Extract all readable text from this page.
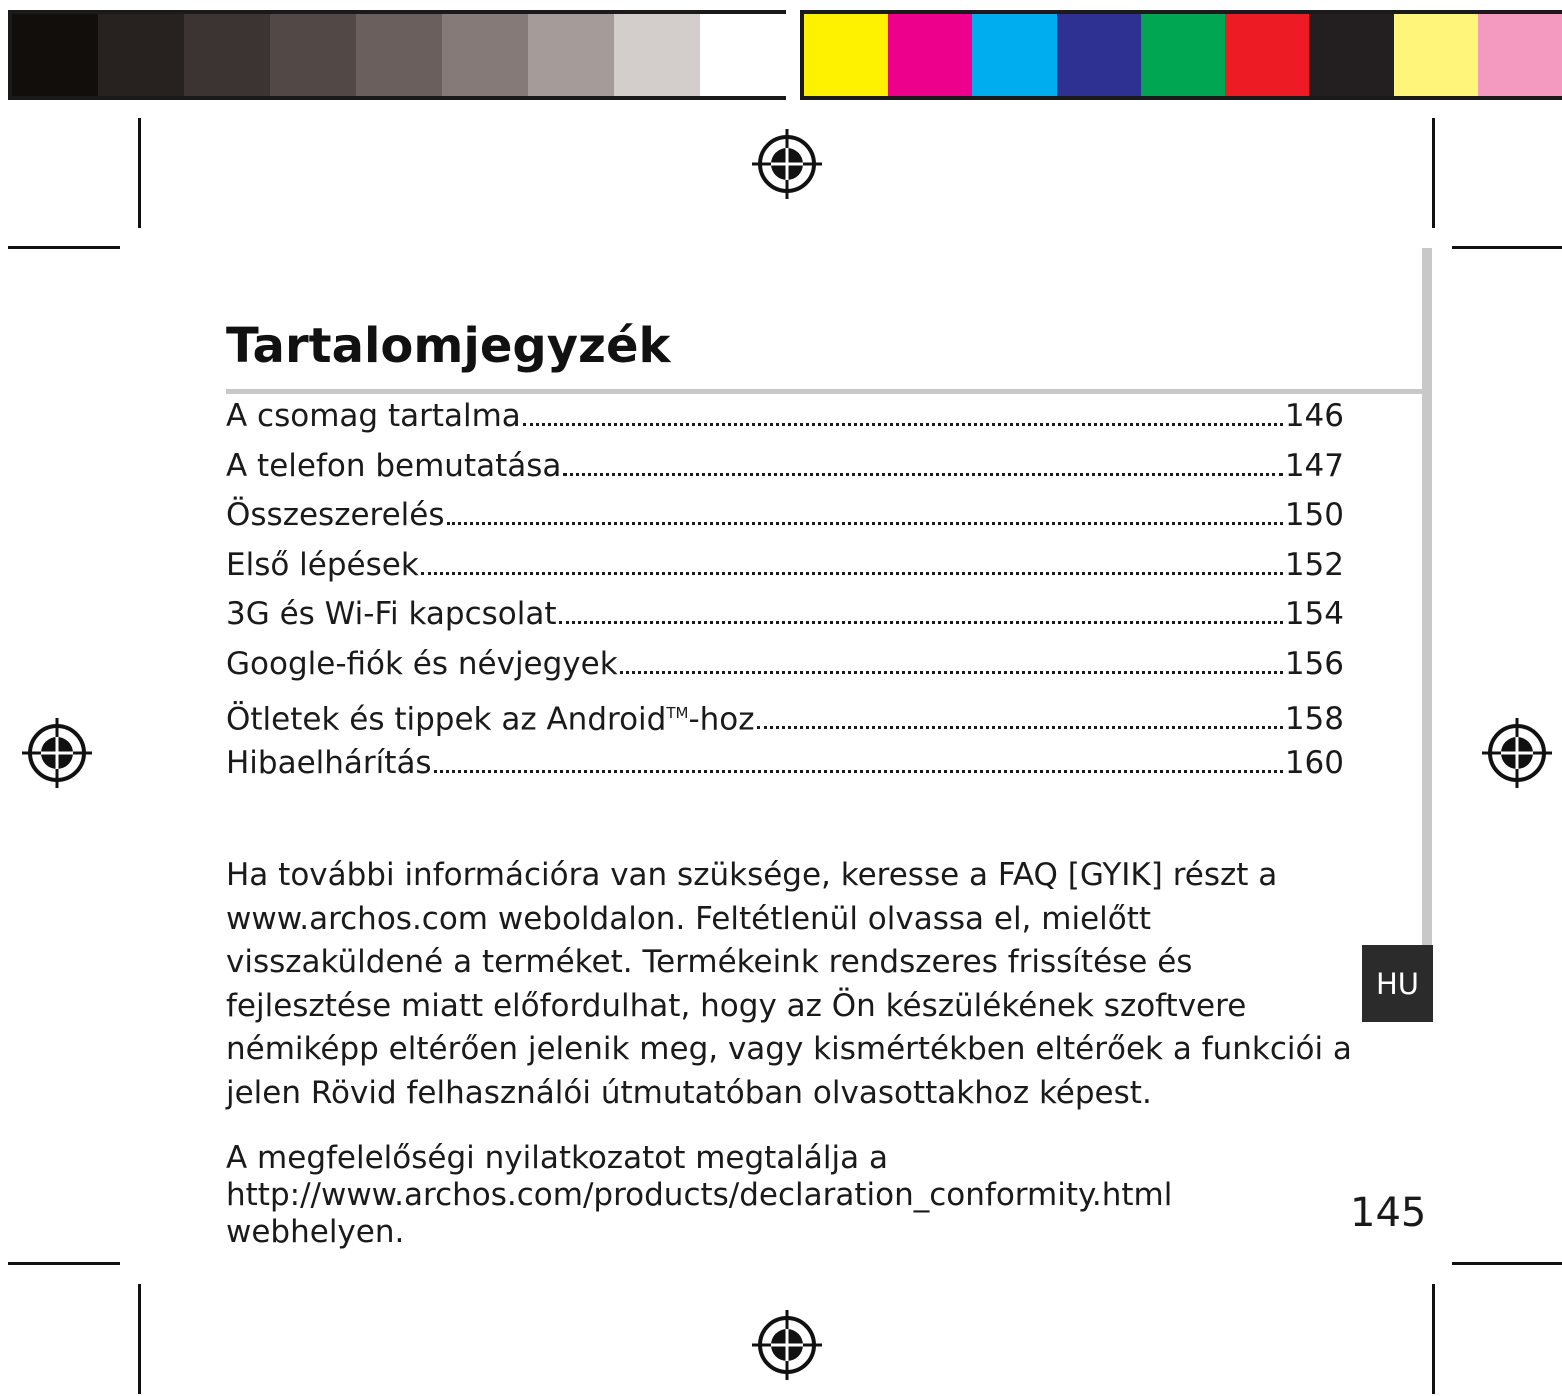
Tartalomjegyzék
A csomag tartalma	146
A telefon bemutatása	147
Összeszerelés	150
Első lépések	152
3G és Wi-Fi kapcsolat	154
Google-fiók és névjegyek	156
Ötletek és tippek az Android™-hoz	158
Hibaelhárítás	160

Ha további információra van szüksége, keresse a FAQ [GYIK] részt a www.archos.com weboldalon. Feltétlenül olvassa el, mielőtt visszaküldené a terméket. Termékeink rendszeres frissítése és fejlesztése miatt előfordulhat, hogy az Ön készülékének szoftvere némiképp eltérően jelenik meg, vagy kismértékben eltérőek a funkciói a jelen Rövid felhasználói útmutatóban olvasottakhoz képest.

A megfelelőségi nyilatkozatot megtalálja a http://www.archos.com/products/declaration_conformity.html webhelyen.

HU
145
